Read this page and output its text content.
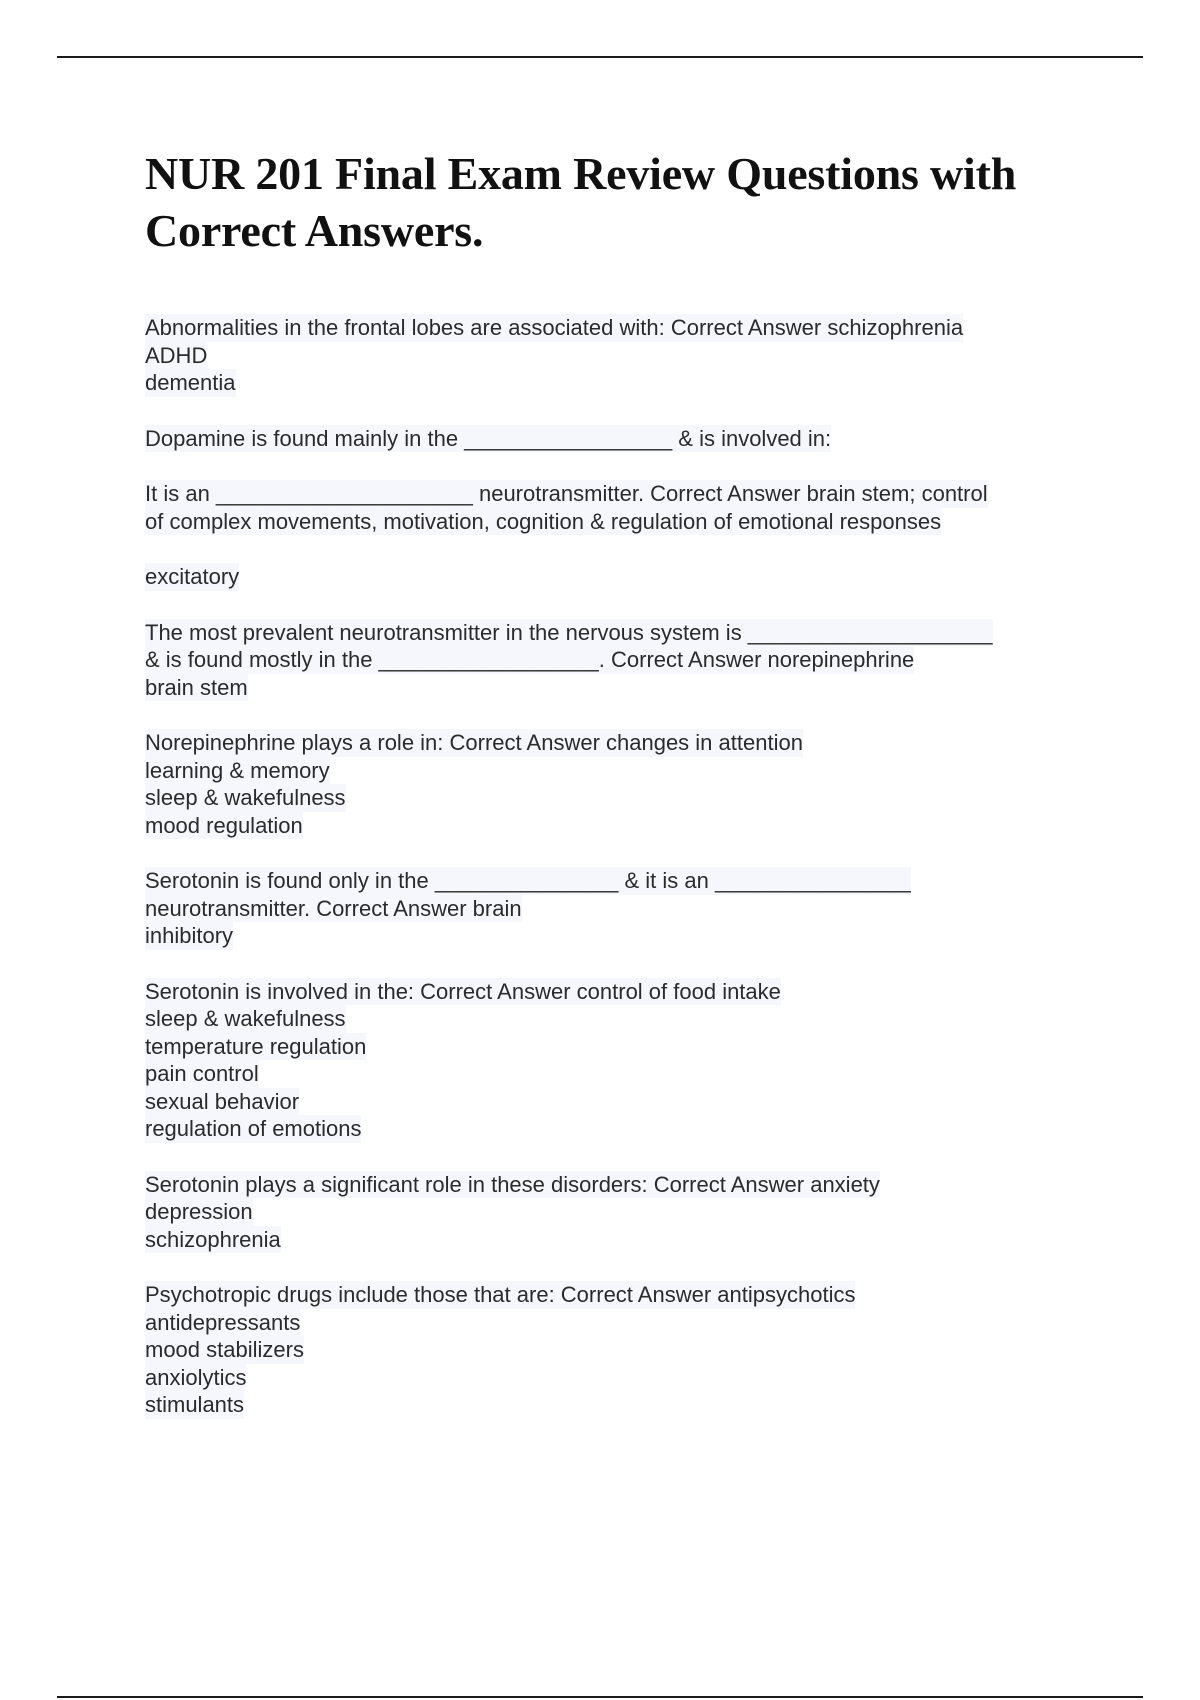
NUR 201 Final Exam Review Questions with
Correct Answers.
Abnormalities in the frontal lobes are associated with: Correct Answer schizophrenia
ADHD
dementia
Dopamine is found mainly in the _________________ & is involved in:
It is an _____________________ neurotransmitter. Correct Answer brain stem; control
of complex movements, motivation, cognition & regulation of emotional responses
excitatory
The most prevalent neurotransmitter in the nervous system is ____________________
& is found mostly in the __________________. Correct Answer norepinephrine
brain stem
Norepinephrine plays a role in: Correct Answer changes in attention
learning & memory
sleep & wakefulness
mood regulation
Serotonin is found only in the _______________ & it is an ________________
neurotransmitter. Correct Answer brain
inhibitory
Serotonin is involved in the: Correct Answer control of food intake
sleep & wakefulness
temperature regulation
pain control
sexual behavior
regulation of emotions
Serotonin plays a significant role in these disorders: Correct Answer anxiety
depression
schizophrenia
Psychotropic drugs include those that are: Correct Answer antipsychotics
antidepressants
mood stabilizers
anxiolytics
stimulants
